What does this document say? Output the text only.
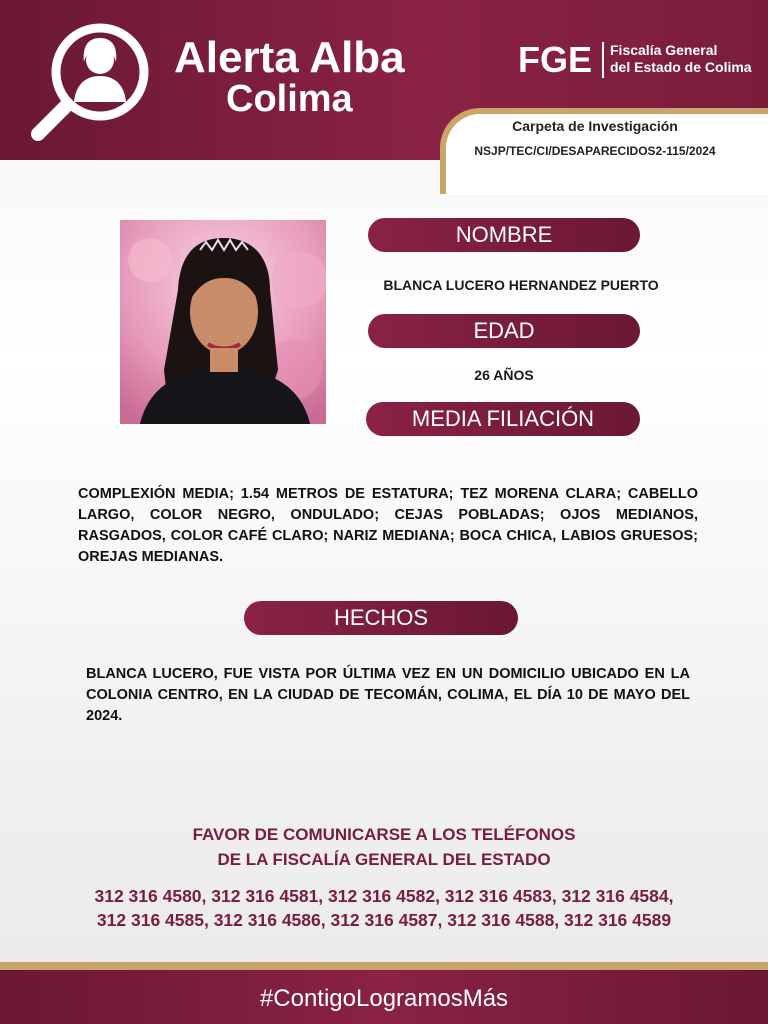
Alerta Alba
Colima
FGE Fiscalía General
del Estado de Colima
Carpeta de Investigación
NSJP/TEC/CI/DESAPARECIDOS2-115/2024
NOMBRE
BLANCA LUCERO HERNANDEZ PUERTO
EDAD
26 AÑOS
MEDIA FILIACIÓN

COMPLEXIÓN MEDIA; 1.54 METROS DE ESTATURA; TEZ MORENA CLARA; CABELLO LARGO, COLOR NEGRO, ONDULADO; CEJAS POBLADAS; OJOS MEDIANOS, RASGADOS, COLOR CAFÉ CLARO; NARIZ MEDIANA; BOCA CHICA, LABIOS GRUESOS; OREJAS MEDIANAS.

HECHOS

BLANCA LUCERO, FUE VISTA POR ÚLTIMA VEZ EN UN DOMICILIO UBICADO EN LA COLONIA CENTRO, EN LA CIUDAD DE TECOMÁN, COLIMA, EL DÍA 10 DE MAYO DEL 2024.

FAVOR DE COMUNICARSE A LOS TELÉFONOS
DE LA FISCALÍA GENERAL DEL ESTADO
312 316 4580, 312 316 4581, 312 316 4582, 312 316 4583, 312 316 4584, 312 316 4585, 312 316 4586, 312 316 4587, 312 316 4588, 312 316 4589
#ContigoLogramosMás
